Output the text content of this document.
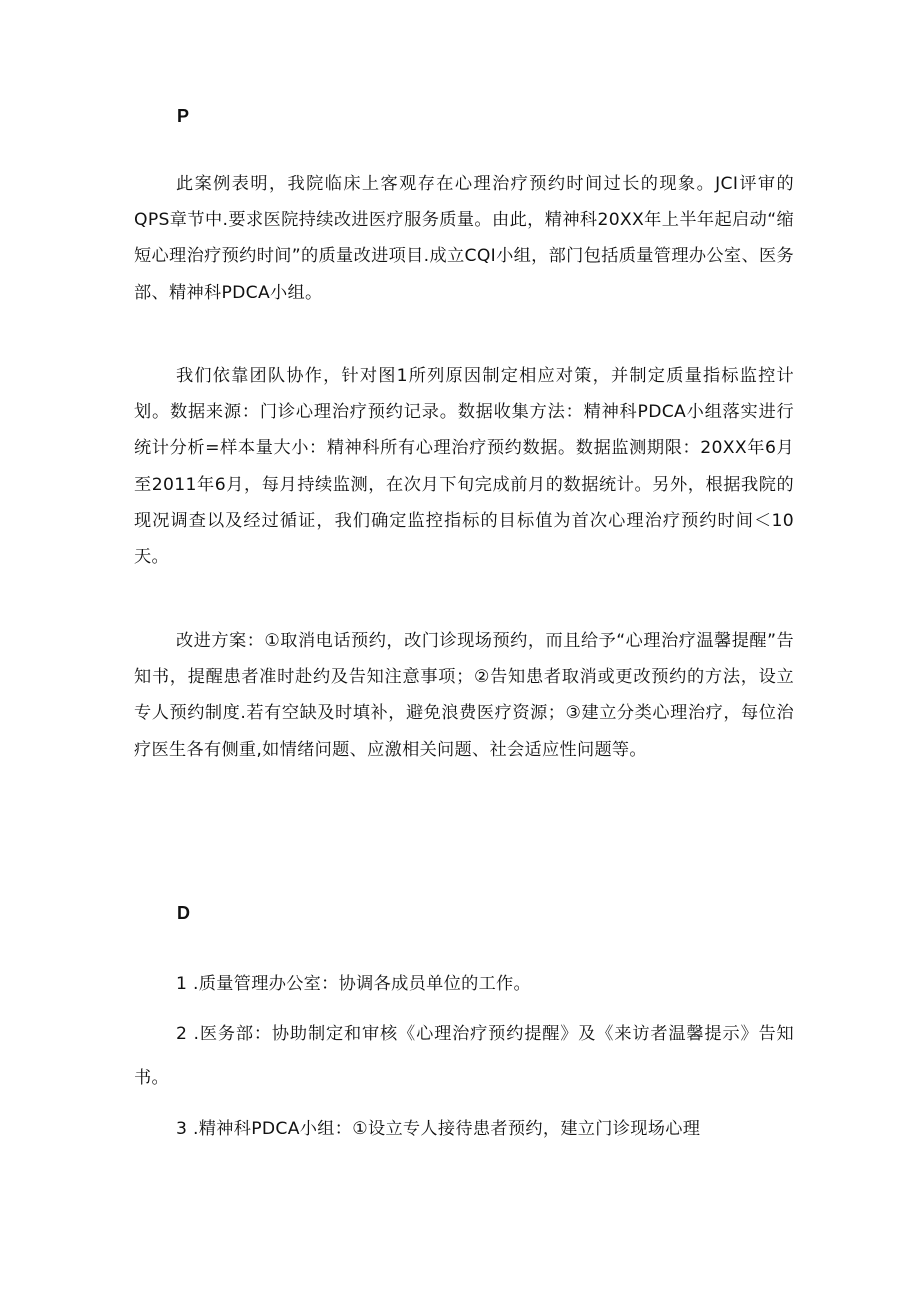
P

此案例表明，我院临床上客观存在心理治疗预约时间过长的现象。JCI评审的QPS章节中.要求医院持续改进医疗服务质量。由此，精神科20XX年上半年起启动“缩短心理治疗预约时间”的质量改进项目.成立CQI小组，部门包括质量管理办公室、医务部、精神科PDCA小组。

我们依靠团队协作，针对图1所列原因制定相应对策，并制定质量指标监控计划。数据来源：门诊心理治疗预约记录。数据收集方法：精神科PDCA小组落实进行统计分析=样本量大小：精神科所有心理治疗预约数据。数据监测期限：20XX年6月至2011年6月，每月持续监测，在次月下旬完成前月的数据统计。另外，根据我院的现况调查以及经过循证，我们确定监控指标的目标值为首次心理治疗预约时间＜10天。

改进方案：①取消电话预约，改门诊现场预约，而且给予“心理治疗温馨提醒”告知书，提醒患者准时赴约及告知注意事项；②告知患者取消或更改预约的方法，设立专人预约制度.若有空缺及时填补，避免浪费医疗资源；③建立分类心理治疗，每位治疗医生各有侧重,如情绪问题、应激相关问题、社会适应性问题等。

D

1 .质量管理办公室：协调各成员单位的工作。

2 .医务部：协助制定和审核《心理治疗预约提醒》及《来访者温馨提示》告知书。

3 .精神科PDCA小组：①设立专人接待患者预约，建立门诊现场心理
